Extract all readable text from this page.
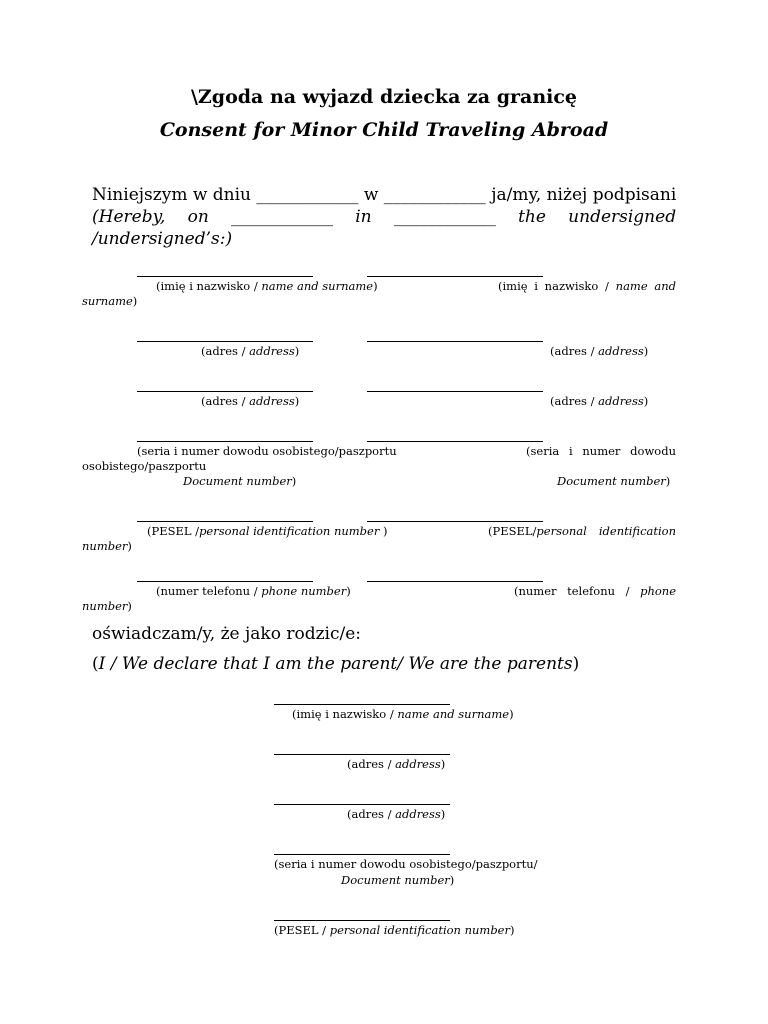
\Zgoda na wyjazd dziecka za granicę
Consent for Minor Child Traveling Abroad
Niniejszym w dniu ____________ w ____________ ja/my, niżej podpisani
(Hereby, on ____________ in ____________ the undersigned
/undersigned’s:)
(imię i nazwisko / name and surname)	(imię i nazwisko / name and
surname)
(adres / address)	(adres / address)
(adres / address)	(adres / address)
(seria i numer dowodu osobistego/paszportu	(seria i numer dowodu
osobistego/paszportu
Document number)	Document number)
(PESEL /personal identification number )	(PESEL/personal identification
number)
(numer telefonu / phone number)	(numer telefonu / phone
number)
oświadczam/y, że jako rodzic/e:
(I / We declare that I am the parent/ We are the parents)
(imię i nazwisko / name and surname)
(adres / address)
(adres / address)
(seria i numer dowodu osobistego/paszportu/
Document number)
(PESEL / personal identification number)
